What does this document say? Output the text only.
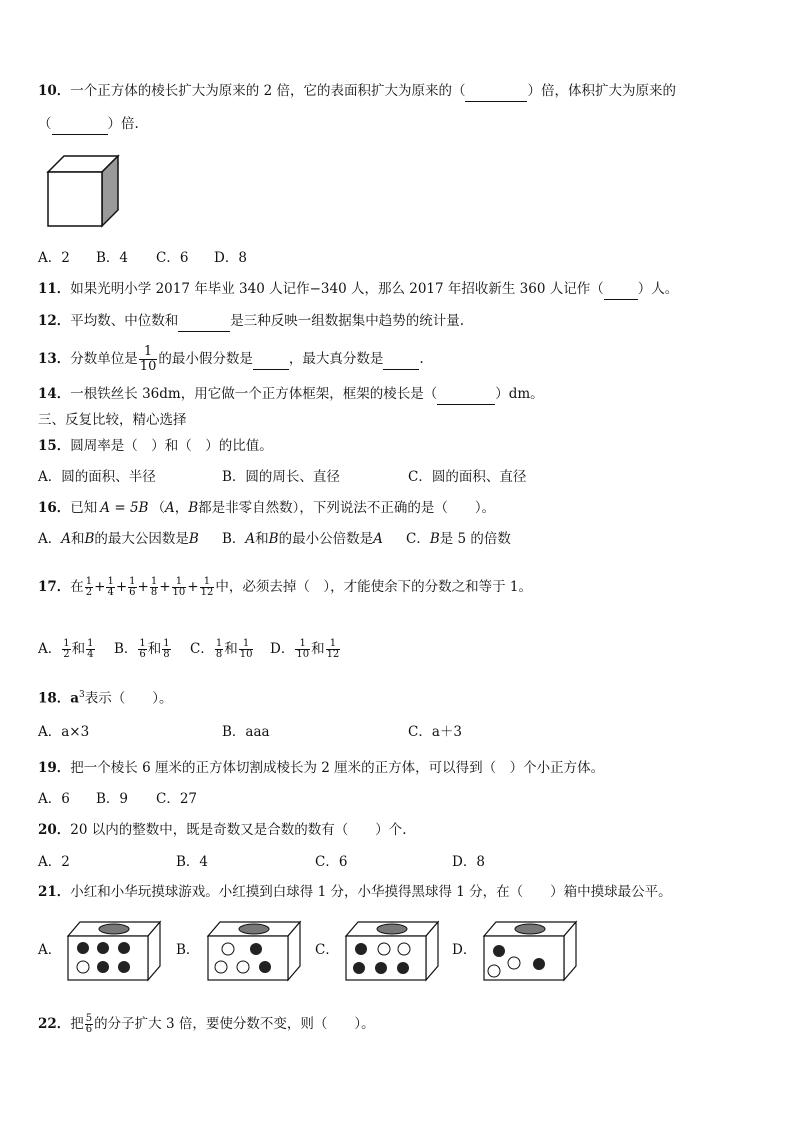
10．一个正方体的棱长扩大为原来的 2 倍，它的表面积扩大为原来的（	）倍，体积扩大为原来的
（	）倍.
A．2 B．4 C．6 D．8
11．如果光明小学 2017 年毕业 340 人记作−340 人，那么 2017 年招收新生 360 人记作（	）人。
12．平均数、中位数和	是三种反映一组数据集中趋势的统计量.
13．分数单位是 $\frac{1}{10}$ 的最小假分数是	，最大真分数是	.
14．一根铁丝长 36dm，用它做一个正方体框架，框架的棱长是（	）dm。
三、反复比较，精心选择
15．圆周率是（　）和（　）的比值。
A．圆的面积、半径	B．圆的周长、直径	C．圆的面积、直径
16．已知 A = 5B （A，B都是非零自然数），下列说法不正确的是（　　）。
A．A和B的最大公因数是B B．A和B的最小公倍数是A C．B是 5 的倍数
17．在 $\frac{1}{2} + \frac{1}{4} + \frac{1}{6} + \frac{1}{8} + \frac{1}{10} + \frac{1}{12}$ 中，必须去掉（　），才能使余下的分数之和等于 1。
A． $\frac{1}{2}$ 和 $\frac{1}{4}$ B． $\frac{1}{6}$ 和 $\frac{1}{8}$ C． $\frac{1}{8}$ 和 $\frac{1}{10}$ D． $\frac{1}{10}$ 和 $\frac{1}{12}$
18．$a^3$表示（　　）。
A．a×3	B．aaa	C．a＋3
19．把一个棱长 6 厘米的正方体切割成棱长为 2 厘米的正方体，可以得到（　）个小正方体。
A．6 B．9 C．27
20．20 以内的整数中，既是奇数又是合数的数有（　　）个.
A．2	B．4	C．6	D．8
21．小红和小华玩摸球游戏。小红摸到白球得 1 分，小华摸得黑球得 1 分，在（　　）箱中摸球最公平。
A．	B．	C．	D．
22．把 $\frac{5}{6}$ 的分子扩大 3 倍，要使分数不变，则（　　）。
